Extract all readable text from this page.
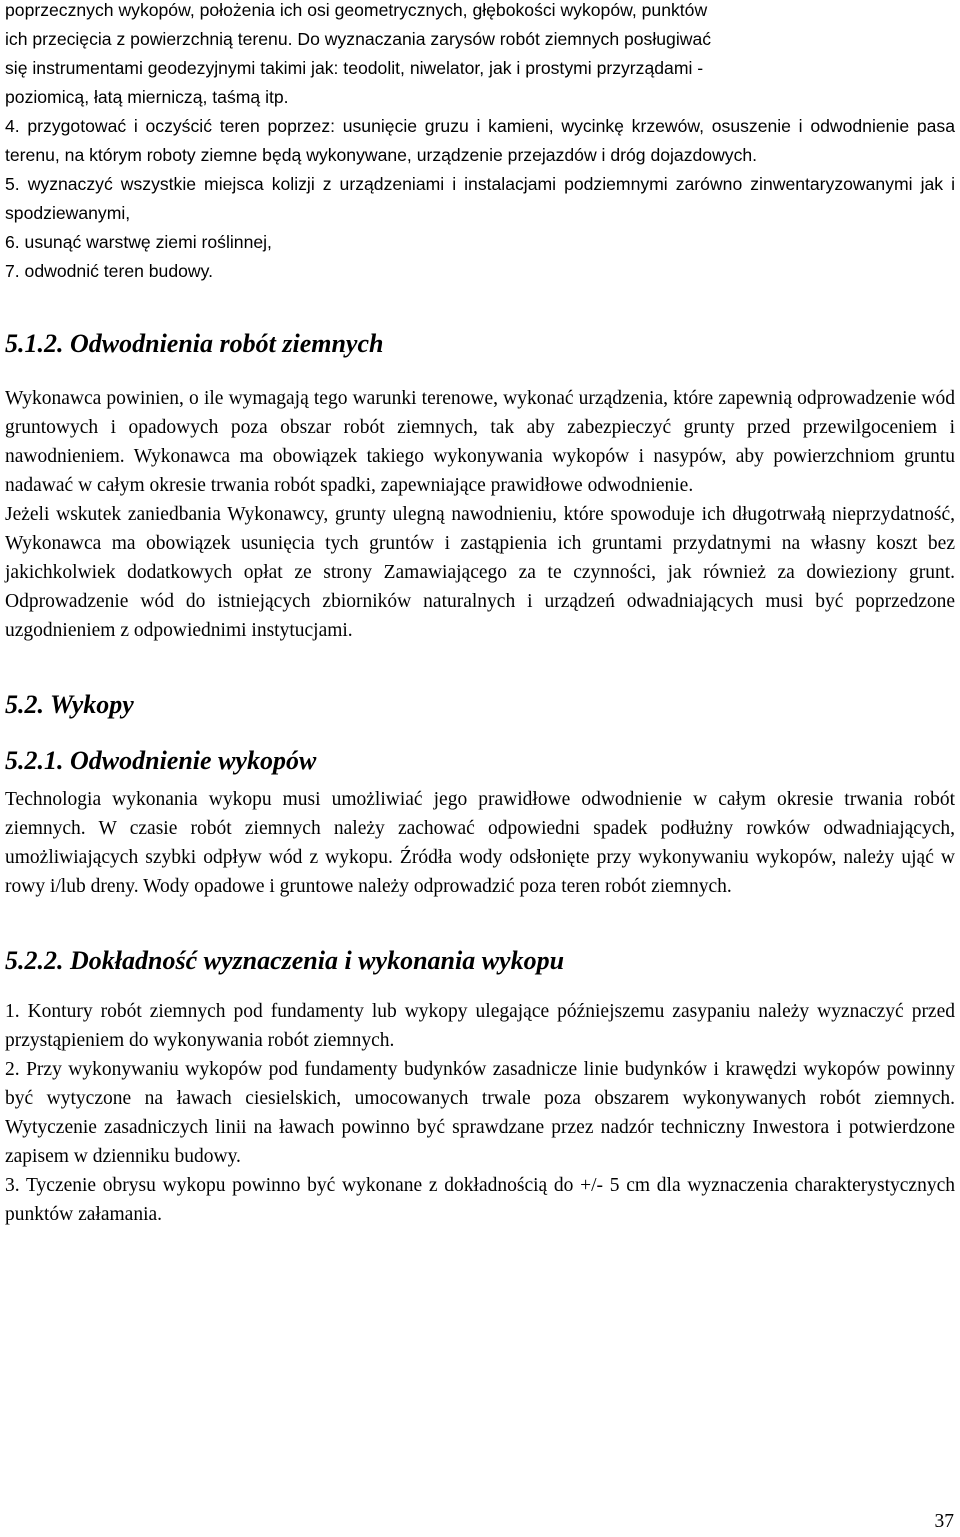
poprzecznych wykopów, położenia ich osi geometrycznych, głębokości wykopów, punktów

ich przecięcia z powierzchnią terenu. Do wyznaczania zarysów robót ziemnych posługiwać

się instrumentami geodezyjnymi takimi jak: teodolit, niwelator, jak i prostymi przyrządami -

poziomicą, łatą mierniczą, taśmą itp.

4. przygotować i oczyścić teren poprzez: usunięcie gruzu i kamieni, wycinkę krzewów, osuszenie i odwodnienie pasa terenu, na którym roboty ziemne będą wykonywane, urządzenie przejazdów i dróg dojazdowych.

5. wyznaczyć wszystkie miejsca kolizji z urządzeniami i instalacjami podziemnymi zarówno zinwentaryzowanymi jak i spodziewanymi,

6. usunąć warstwę ziemi roślinnej,

7. odwodnić teren budowy.

5.1.2. Odwodnienia robót ziemnych

Wykonawca powinien, o ile wymagają tego warunki terenowe, wykonać urządzenia, które zapewnią odprowadzenie wód gruntowych i opadowych poza obszar robót ziemnych, tak aby zabezpieczyć grunty przed przewilgoceniem i nawodnieniem. Wykonawca ma obowiązek takiego wykonywania wykopów i nasypów, aby powierzchniom gruntu nadawać w całym okresie trwania robót spadki, zapewniające prawidłowe odwodnienie.

Jeżeli wskutek zaniedbania Wykonawcy, grunty ulegną nawodnieniu, które spowoduje ich długotrwałą nieprzydatność, Wykonawca ma obowiązek usunięcia tych gruntów i zastąpienia ich gruntami przydatnymi na własny koszt bez jakichkolwiek dodatkowych opłat ze strony Zamawiającego za te czynności, jak również za dowieziony grunt. Odprowadzenie wód do istniejących zbiorników naturalnych i urządzeń odwadniających musi być poprzedzone uzgodnieniem z odpowiednimi instytucjami.

5.2. Wykopy
5.2.1. Odwodnienie wykopów

Technologia wykonania wykopu musi umożliwiać jego prawidłowe odwodnienie w całym okresie trwania robót ziemnych. W czasie robót ziemnych należy zachować odpowiedni spadek podłużny rowków odwadniających, umożliwiających szybki odpływ wód z wykopu. Źródła wody odsłonięte przy wykonywaniu wykopów, należy ująć w rowy i/lub dreny. Wody opadowe i gruntowe należy odprowadzić poza teren robót ziemnych.

5.2.2. Dokładność wyznaczenia i wykonania wykopu

1. Kontury robót ziemnych pod fundamenty lub wykopy ulegające późniejszemu zasypaniu należy wyznaczyć przed przystąpieniem do wykonywania robót ziemnych.

2. Przy wykonywaniu wykopów pod fundamenty budynków zasadnicze linie budynków i krawędzi wykopów powinny być wytyczone na ławach ciesielskich, umocowanych trwale poza obszarem wykonywanych robót ziemnych. Wytyczenie zasadniczych linii na ławach powinno być sprawdzane przez nadzór techniczny Inwestora i potwierdzone zapisem w dzienniku budowy.

3. Tyczenie obrysu wykopu powinno być wykonane z dokładnością do +/- 5 cm dla wyznaczenia charakterystycznych punktów załamania.

37
